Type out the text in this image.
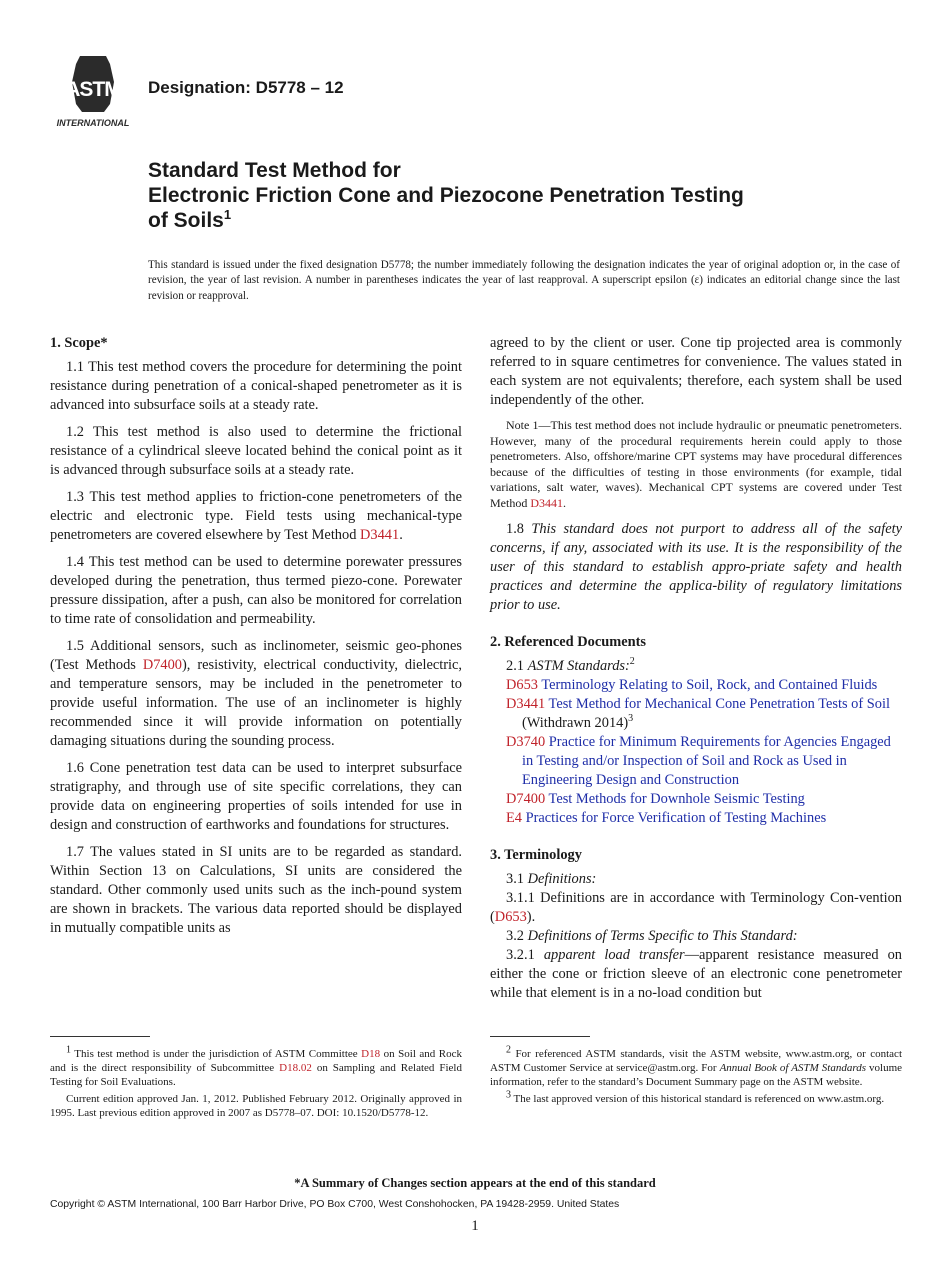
ASTM
INTERNATIONAL
Designation: D5778 – 12
Standard Test Method for
Electronic Friction Cone and Piezocone Penetration Testing
of Soils$^1$

This standard is issued under the fixed designation D5778; the number immediately following the designation indicates the year of original adoption or, in the case of revision, the year of last revision. A number in parentheses indicates the year of last reapproval. A superscript epsilon (ε) indicates an editorial change since the last revision or reapproval.

1. Scope*

1.1 This test method covers the procedure for determining the point resistance during penetration of a conical-shaped penetrometer as it is advanced into subsurface soils at a steady rate.

1.2 This test method is also used to determine the frictional resistance of a cylindrical sleeve located behind the conical point as it is advanced through subsurface soils at a steady rate.

1.3 This test method applies to friction-cone penetrometers of the electric and electronic type. Field tests using mechanical-type penetrometers are covered elsewhere by Test Method D3441.

1.4 This test method can be used to determine porewater pressures developed during the penetration, thus termed piezo-cone. Porewater pressure dissipation, after a push, can also be monitored for correlation to time rate of consolidation and permeability.

1.5 Additional sensors, such as inclinometer, seismic geo-phones (Test Methods D7400), resistivity, electrical conductivity, dielectric, and temperature sensors, may be included in the penetrometer to provide useful information. The use of an inclinometer is highly recommended since it will provide information on potentially damaging situations during the sounding process.

1.6 Cone penetration test data can be used to interpret subsurface stratigraphy, and through use of site specific correlations, they can provide data on engineering properties of soils intended for use in design and construction of earthworks and foundations for structures.

1.7 The values stated in SI units are to be regarded as standard. Within Section 13 on Calculations, SI units are considered the standard. Other commonly used units such as the inch-pound system are shown in brackets. The various data reported should be displayed in mutually compatible units as

agreed to by the client or user. Cone tip projected area is commonly referred to in square centimetres for convenience. The values stated in each system are not equivalents; therefore, each system shall be used independently of the other.

Note 1—This test method does not include hydraulic or pneumatic penetrometers. However, many of the procedural requirements herein could apply to those penetrometers. Also, offshore/marine CPT systems may have procedural differences because of the difficulties of testing in those environments (for example, tidal variations, salt water, waves). Mechanical CPT systems are covered under Test Method D3441.

1.8 This standard does not purport to address all of the safety concerns, if any, associated with its use. It is the responsibility of the user of this standard to establish appro-priate safety and health practices and determine the applica-bility of regulatory limitations prior to use.

2. Referenced Documents

2.1 ASTM Standards:$^2$

D653 Terminology Relating to Soil, Rock, and Contained Fluids
D3441 Test Method for Mechanical Cone Penetration Tests of Soil (Withdrawn 2014)$^3$
D3740 Practice for Minimum Requirements for Agencies Engaged in Testing and/or Inspection of Soil and Rock as Used in Engineering Design and Construction
D7400 Test Methods for Downhole Seismic Testing
E4 Practices for Force Verification of Testing Machines
3. Terminology

3.1 Definitions:

3.1.1 Definitions are in accordance with Terminology Con-vention (D653).

3.2 Definitions of Terms Specific to This Standard:

3.2.1 apparent load transfer—apparent resistance measured on either the cone or friction sleeve of an electronic cone penetrometer while that element is in a no-load condition but

$^1$ This test method is under the jurisdiction of ASTM Committee D18 on Soil and Rock and is the direct responsibility of Subcommittee D18.02 on Sampling and Related Field Testing for Soil Evaluations.

Current edition approved Jan. 1, 2012. Published February 2012. Originally approved in 1995. Last previous edition approved in 2007 as D5778–07. DOI: 10.1520/D5778-12.

$^2$ For referenced ASTM standards, visit the ASTM website, www.astm.org, or contact ASTM Customer Service at service@astm.org. For Annual Book of ASTM Standards volume information, refer to the standard’s Document Summary page on the ASTM website.

$^3$ The last approved version of this historical standard is referenced on www.astm.org.

*A Summary of Changes section appears at the end of this standard
Copyright © ASTM International, 100 Barr Harbor Drive, PO Box C700, West Conshohocken, PA 19428-2959. United States
1
